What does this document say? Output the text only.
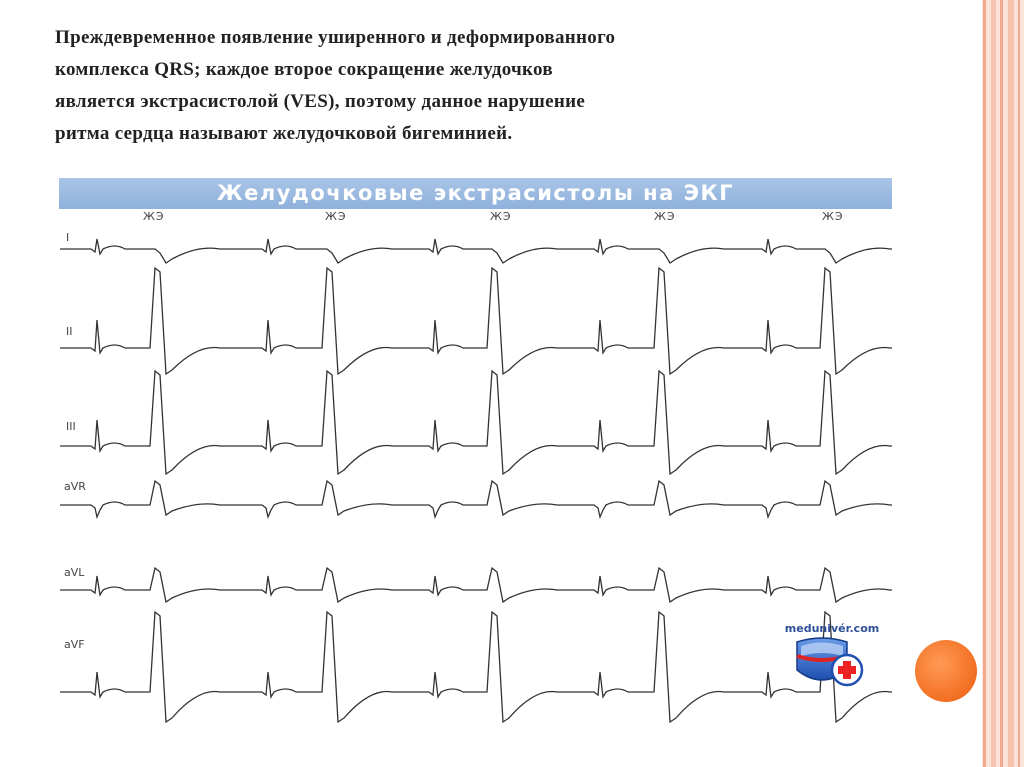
Преждевременное появление уширенного и деформированного
комплекса QRS; каждое второе сокращение желудочков
является экстрасистолой (VES), поэтому данное нарушение
ритма сердца называют желудочковой бигеминией.
Желудочковые экстрасистолы на ЭКГ
ЖЭ	ЖЭ	ЖЭ	ЖЭ	ЖЭ
I
II
III
aVR
aVL
aVF
medunivér.com
